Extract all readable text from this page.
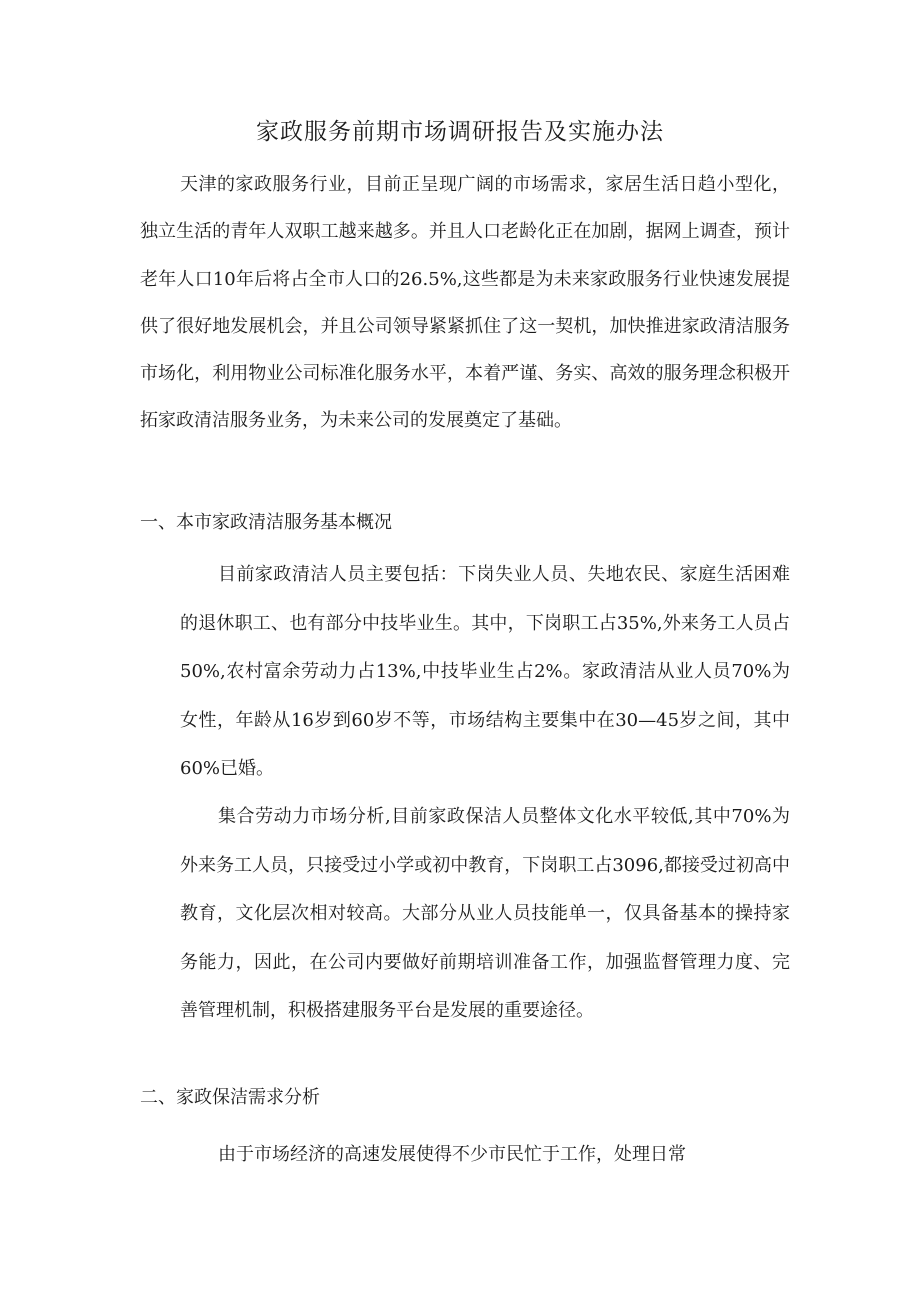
家政服务前期市场调研报告及实施办法

天津的家政服务行业，目前正呈现广阔的市场需求，家居生活日趋小型化，独立生活的青年人双职工越来越多。并且人口老龄化正在加剧，据网上调查，预计老年人口10年后将占全市人口的26.5%,这些都是为未来家政服务行业快速发展提供了很好地发展机会，并且公司领导紧紧抓住了这一契机，加快推进家政清洁服务市场化，利用物业公司标准化服务水平，本着严谨、务实、高效的服务理念积极开拓家政清洁服务业务，为未来公司的发展奠定了基础。

一、本市家政清洁服务基本概况

目前家政清洁人员主要包括：下岗失业人员、失地农民、家庭生活困难的退休职工、也有部分中技毕业生。其中，下岗职工占35%,外来务工人员占50%,农村富余劳动力占13%,中技毕业生占2%。家政清洁从业人员70%为女性，年龄从16岁到60岁不等，市场结构主要集中在30—45岁之间，其中60%已婚。

集合劳动力市场分析,目前家政保洁人员整体文化水平较低,其中70%为外来务工人员，只接受过小学或初中教育，下岗职工占3096,都接受过初高中教育，文化层次相对较高。大部分从业人员技能单一，仅具备基本的操持家务能力，因此，在公司内要做好前期培训准备工作，加强监督管理力度、完善管理机制，积极搭建服务平台是发展的重要途径。

二、家政保洁需求分析

由于市场经济的高速发展使得不少市民忙于工作，处理日常
